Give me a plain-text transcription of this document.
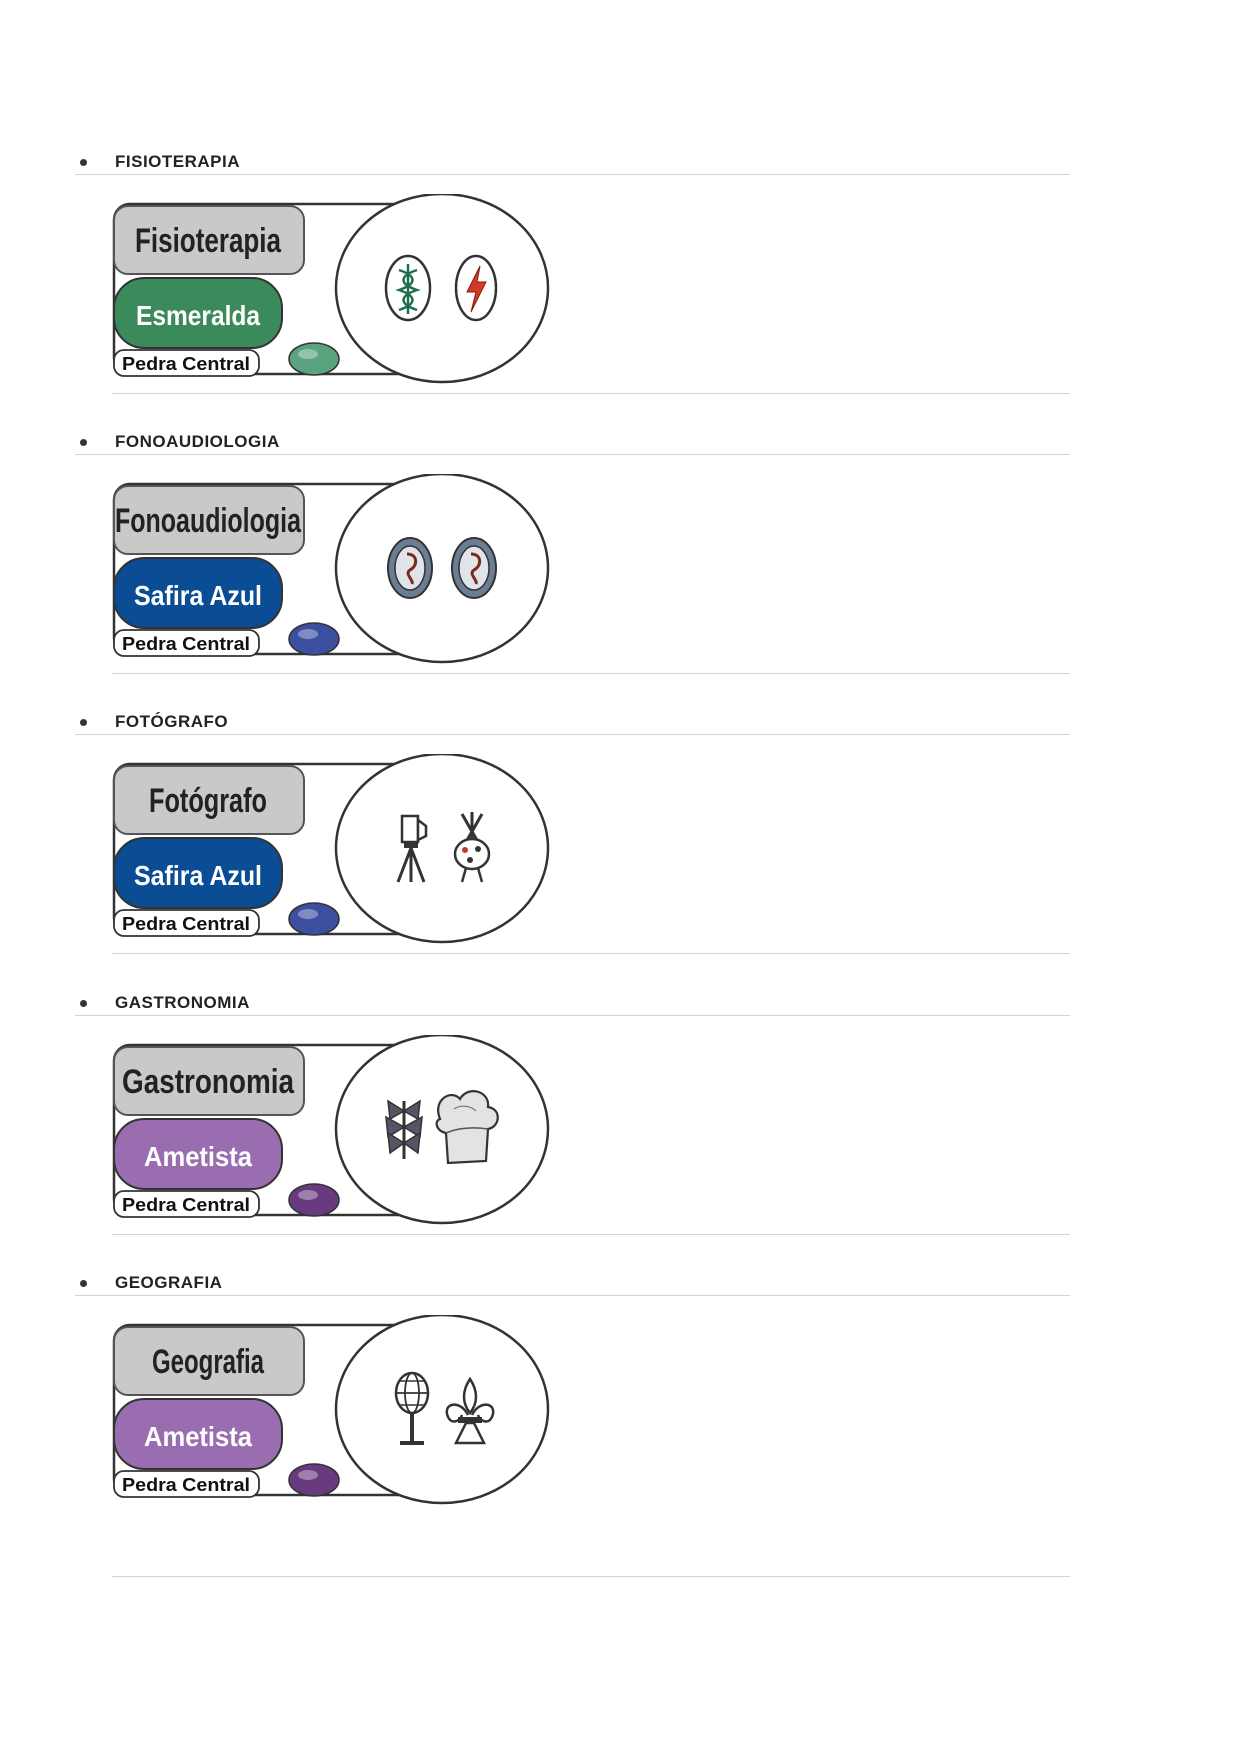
FISIOTERAPIA
Fisioterapia
Esmeralda
Pedra Central
FONOAUDIOLOGIA
Fonoaudiologia
Safira Azul
Pedra Central
FOTÓGRAFO
Fotógrafo
Safira Azul
Pedra Central
GASTRONOMIA
Gastronomia
Ametista
Pedra Central
GEOGRAFIA
Geografia
Ametista
Pedra Central
